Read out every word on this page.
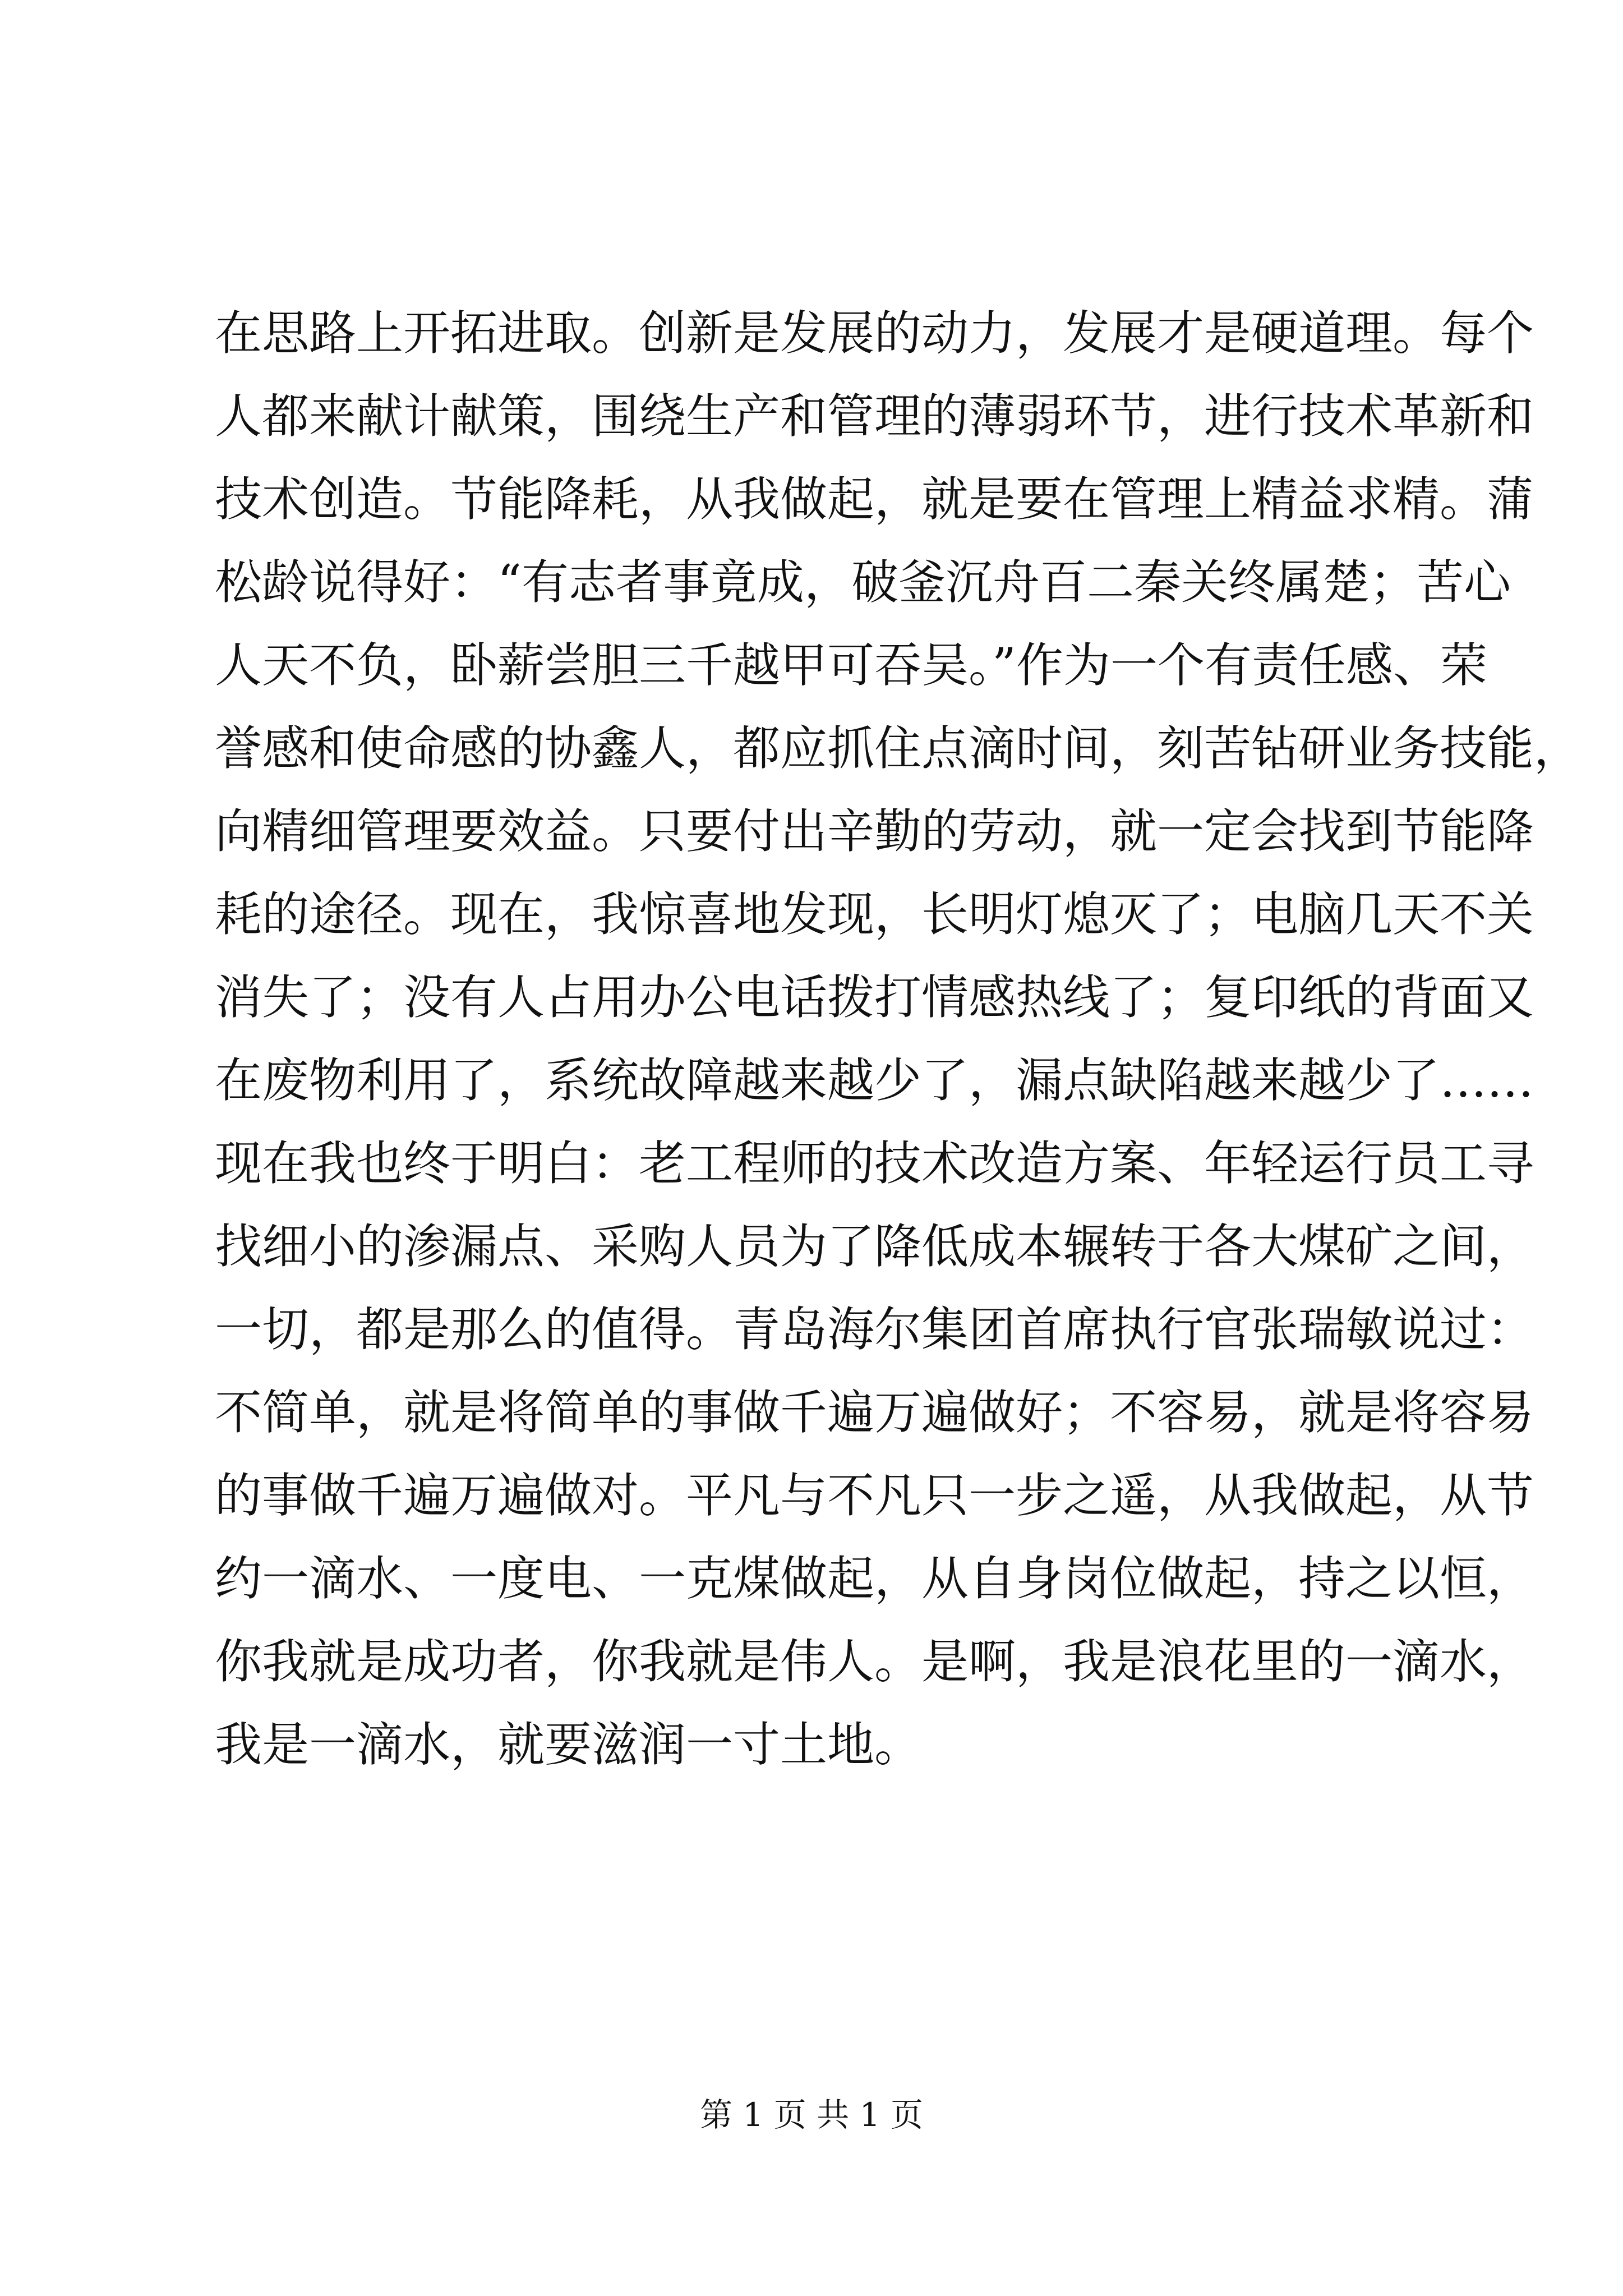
在思路上开拓进取。创新是发展的动力，发展才是硬道理。每个
人都来献计献策，围绕生产和管理的薄弱环节，进行技术革新和
技术创造。节能降耗，从我做起，就是要在管理上精益求精。蒲
松龄说得好：“有志者事竟成，破釜沉舟百二秦关终属楚；苦心
人天不负，卧薪尝胆三千越甲可吞吴。”作为一个有责任感、荣
誉感和使命感的协鑫人，都应抓住点滴时间，刻苦钻研业务技能，
向精细管理要效益。只要付出辛勤的劳动，就一定会找到节能降
耗的途径。现在，我惊喜地发现，长明灯熄灭了；电脑几天不关
消失了；没有人占用办公电话拨打情感热线了；复印纸的背面又
在废物利用了，系统故障越来越少了，漏点缺陷越来越少了……
现在我也终于明白：老工程师的技术改造方案、年轻运行员工寻
找细小的渗漏点、采购人员为了降低成本辗转于各大煤矿之间，
一切，都是那么的值得。青岛海尔集团首席执行官张瑞敏说过：
不简单，就是将简单的事做千遍万遍做好；不容易，就是将容易
的事做千遍万遍做对。平凡与不凡只一步之遥，从我做起，从节
约一滴水、一度电、一克煤做起，从自身岗位做起，持之以恒，
你我就是成功者，你我就是伟人。是啊，我是浪花里的一滴水，
我是一滴水，就要滋润一寸土地。
第 1 页 共 1 页
